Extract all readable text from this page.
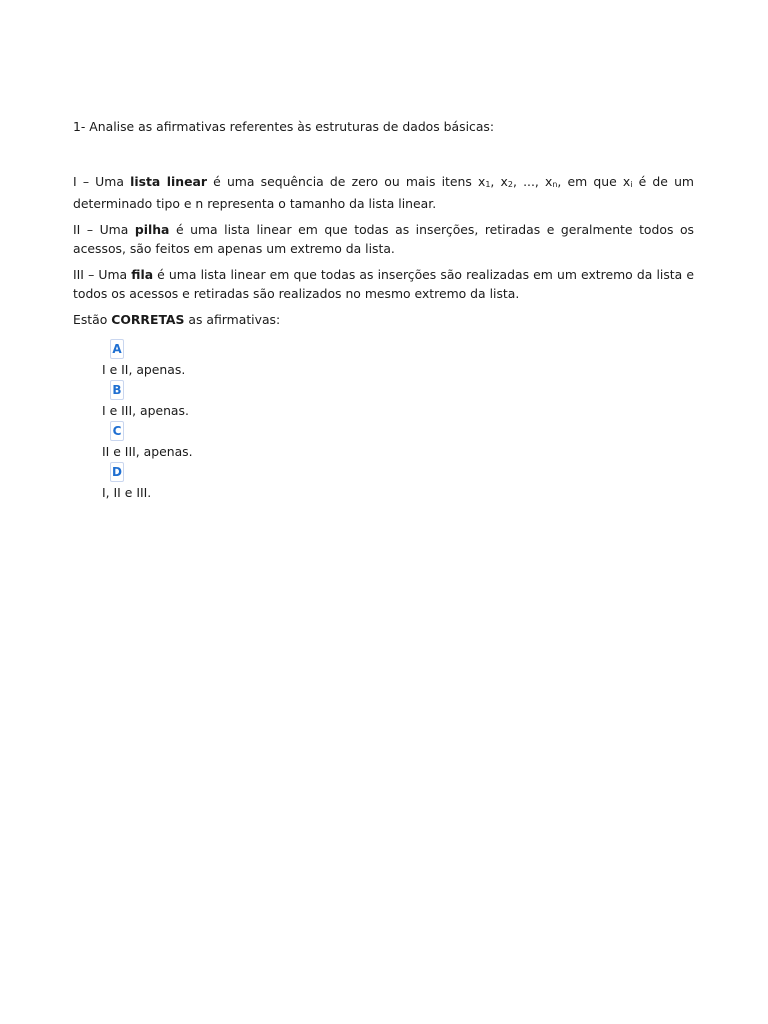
1- Analise as afirmativas referentes às estruturas de dados básicas:

I – Uma lista linear é uma sequência de zero ou mais itens $x_1$, $x_2$, ..., $x_n$, em que $x_i$ é de um determinado tipo e n representa o tamanho da lista linear.

II – Uma pilha é uma lista linear em que todas as inserções, retiradas e geralmente todos os acessos, são feitos em apenas um extremo da lista.

III – Uma fila é uma lista linear em que todas as inserções são realizadas em um extremo da lista e todos os acessos e retiradas são realizados no mesmo extremo da lista.

Estão CORRETAS as afirmativas:

A
I e II, apenas.
B
I e III, apenas.
C
II e III, apenas.
D
I, II e III.
